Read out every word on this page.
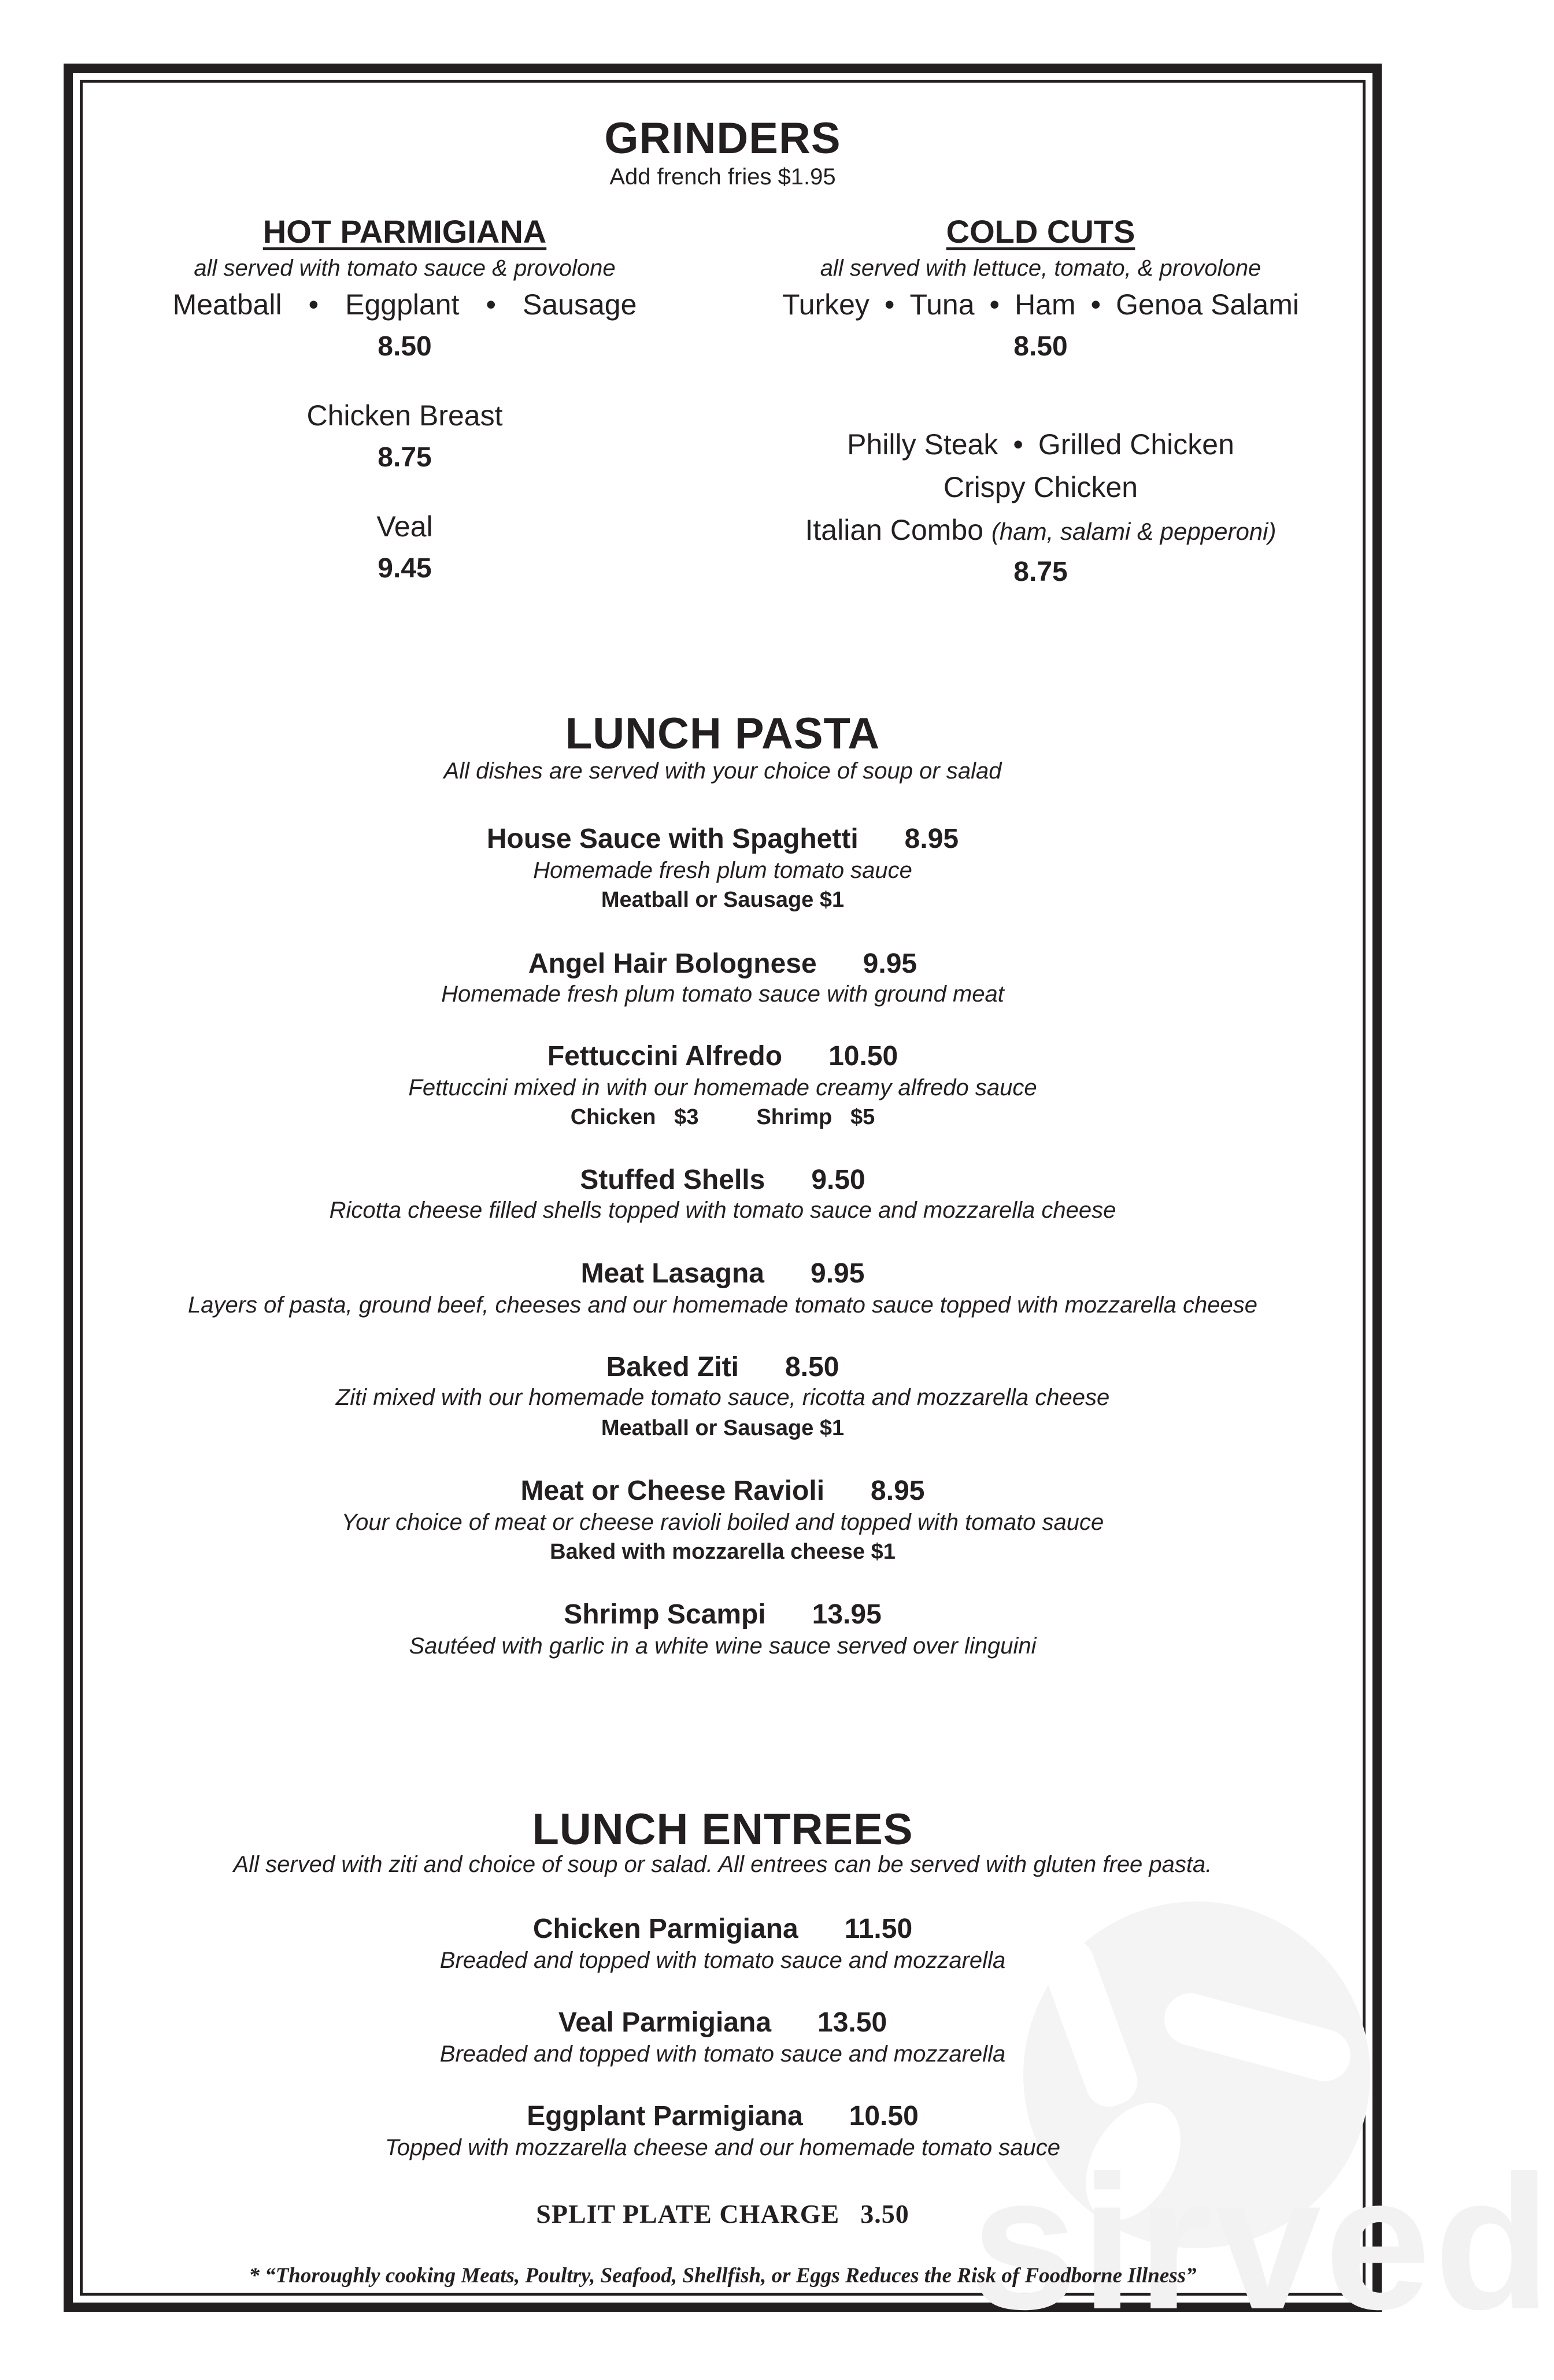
sirved
GRINDERS
Add french fries $1.95
HOT PARMIGIANA
all served with tomato sauce & provolone
Meatball • Eggplant • Sausage
8.50
Chicken Breast
8.75
Veal
9.45
COLD CUTS
all served with lettuce, tomato, & provolone
Turkey • Tuna • Ham • Genoa Salami
8.50
Philly Steak • Grilled Chicken
Crispy Chicken
Italian Combo (ham, salami & pepperoni)
8.75
LUNCH PASTA
All dishes are served with your choice of soup or salad
House Sauce with Spaghetti 8.95
Homemade fresh plum tomato sauce
Meatball or Sausage $1
Angel Hair Bolognese 9.95
Homemade fresh plum tomato sauce with ground meat
Fettuccini Alfredo 10.50
Fettuccini mixed in with our homemade creamy alfredo sauce
Chicken   $3	Shrimp   $5
Stuffed Shells 9.50
Ricotta cheese filled shells topped with tomato sauce and mozzarella cheese
Meat Lasagna 9.95
Layers of pasta, ground beef, cheeses and our homemade tomato sauce topped with mozzarella cheese
Baked Ziti 8.50
Ziti mixed with our homemade tomato sauce, ricotta and mozzarella cheese
Meatball or Sausage $1
Meat or Cheese Ravioli 8.95
Your choice of meat or cheese ravioli boiled and topped with tomato sauce
Baked with mozzarella cheese $1
Shrimp Scampi 13.95
Sautéed with garlic in a white wine sauce served over linguini
LUNCH ENTREES
All served with ziti and choice of soup or salad. All entrees can be served with gluten free pasta.
Chicken Parmigiana 11.50
Breaded and topped with tomato sauce and mozzarella
Veal Parmigiana 13.50
Breaded and topped with tomato sauce and mozzarella
Eggplant Parmigiana 10.50
Topped with mozzarella cheese and our homemade tomato sauce
SPLIT PLATE CHARGE 3.50
* “Thoroughly cooking Meats, Poultry, Seafood, Shellfish, or Eggs Reduces the Risk of Foodborne Illness”
